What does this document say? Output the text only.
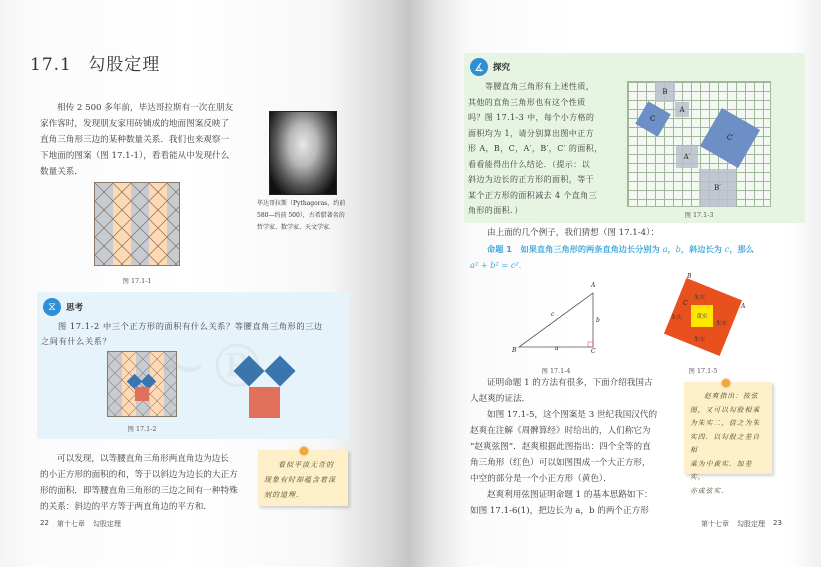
17.1 勾股定理
相传 2 500 多年前，毕达哥拉斯有一次在朋友
家作客时，发现朋友家用砖铺成的地面图案反映了
直角三角形三边的某种数量关系．我们也来观察一
下地面的图案（图 17.1-1），看看能从中发现什么
数量关系．
毕达哥拉斯（Pythagoras，约前
580—约前 500），古希腊著名的
哲学家、数学家、天文学家．
图 17.1-1
⧖	思考
图 17.1-2 中三个正方形的面积有什么关系？等腰直角三角形的三边
之间有什么关系？
图 17.1-2
~®
可以发现，以等腰直角三角形两直角边为边长
的小正方形的面积的和，等于以斜边为边长的大正方
形的面积．即等腰直角三角形的三边之间有一种特殊
的关系：斜边的平方等于两直角边的平方和．
看似平淡无奇的
现象有时却蕴含着深
刻的道理．
22 第十七章 勾股定理
∡	探究
等腰直角三角形有上述性质，
其他的直角三角形也有这个性质
吗？图 17.1-3 中，每个小方格的
面积均为 1，请分别算出图中正方
形 A，B，C，A′，B′，C′ 的面积，
看看能得出什么结论．（提示：以
斜边为边长的正方形的面积，等于
某个正方形的面积减去 4 个直角三
角形的面积．）
B
A
C
A′
B′
C′
图 17.1-3
由上面的几个例子，我们猜想（图 17.1-4）：
命题 1 如果直角三角形的两条直角边长分别为 a，b，斜边长为 c，那么
a² + b² = c²．
A
B	C
a
b
c
图 17.1-4
黄实
朱实
朱实
朱实
朱实
B
A
C
图 17.1-5
证明命题 1 的方法有很多，下面介绍我国古
人赵爽的证法．
如图 17.1-5，这个图案是 3 世纪我国汉代的
赵爽在注解《周髀算经》时给出的，人们称它为
“赵爽弦图”．赵爽根据此图指出：四个全等的直
角三角形（红色）可以如图围成一个大正方形，
中空的部分是一个小正方形（黄色）．
赵爽利用弦图证明命题 1 的基本思路如下：
如图 17.1-6(1)，把边长为 a，b 的两个正方形
赵爽指出：按弦
图，又可以勾股相乘
为朱实二，倍之为朱
实四．以勾股之差自相
乘为中黄实．加差实，
亦成弦实．
第十七章 勾股定理 23
